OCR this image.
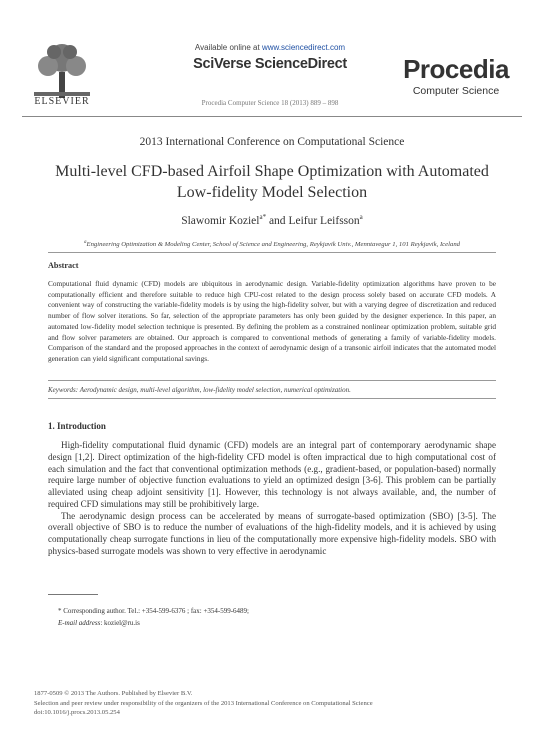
ELSEVIER
Available online at www.sciencedirect.com
SciVerse ScienceDirect
Procedia Computer Science 18 (2013) 889 – 898
Procedia
Computer Science
2013 International Conference on Computational Science
Multi-level CFD-based Airfoil Shape Optimization with Automated Low-fidelity Model Selection
Slawomir Koziel$^{a*}$ and Leifur Leifsson$^a$
$^a$Engineering Optimization & Modeling Center, School of Science and Engineering, Reykjavik Univ., Menntavegur 1, 101 Reykjavik, Iceland
Abstract
Computational fluid dynamic (CFD) models are ubiquitous in aerodynamic design. Variable-fidelity optimization algorithms have proven to be computationally efficient and therefore suitable to reduce high CPU-cost related to the design process solely based on accurate CFD models. A convenient way of constructing the variable-fidelity models is by using the high-fidelity solver, but with a varying degree of discretization and reduced number of flow solver iterations. So far, selection of the appropriate parameters has only been guided by the designer experience. In this paper, an automated low-fidelity model selection technique is presented. By defining the problem as a constrained nonlinear optimization problem, suitable grid and flow solver parameters are obtained. Our approach is compared to conventional methods of generating a family of variable-fidelity models. Comparison of the standard and the proposed approaches in the context of aerodynamic design of a transonic airfoil indicates that the automated model generation can yield significant computational savings.
Keywords: Aerodynamic design, multi-level algorithm, low-fidelity model selection, numerical optimization.
1. Introduction

High-fidelity computational fluid dynamic (CFD) models are an integral part of contemporary aerodynamic shape design [1,2]. Direct optimization of the high-fidelity CFD model is often impractical due to high computational cost of each simulation and the fact that conventional optimization methods (e.g., gradient-based, or population-based) normally require large number of objective function evaluations to yield an optimized design [3-6]. This problem can be partially alleviated using cheap adjoint sensitivity [1]. However, this technology is not always available, and, the number of required CFD simulations may still be prohibitively large.

The aerodynamic design process can be accelerated by means of surrogate-based optimization (SBO) [3-5]. The overall objective of SBO is to reduce the number of evaluations of the high-fidelity models, and it is achieved by using computationally cheap surrogate functions in lieu of the computationally more expensive high-fidelity models. SBO with physics-based surrogate models was shown to very effective in aerodynamic

* Corresponding author. Tel.: +354-599-6376 ; fax: +354-599-6489;
E-mail address: koziel@ru.is
1877-0509 © 2013 The Authors. Published by Elsevier B.V.
Selection and peer review under responsibility of the organizers of the 2013 International Conference on Computational Science
doi:10.1016/j.procs.2013.05.254
